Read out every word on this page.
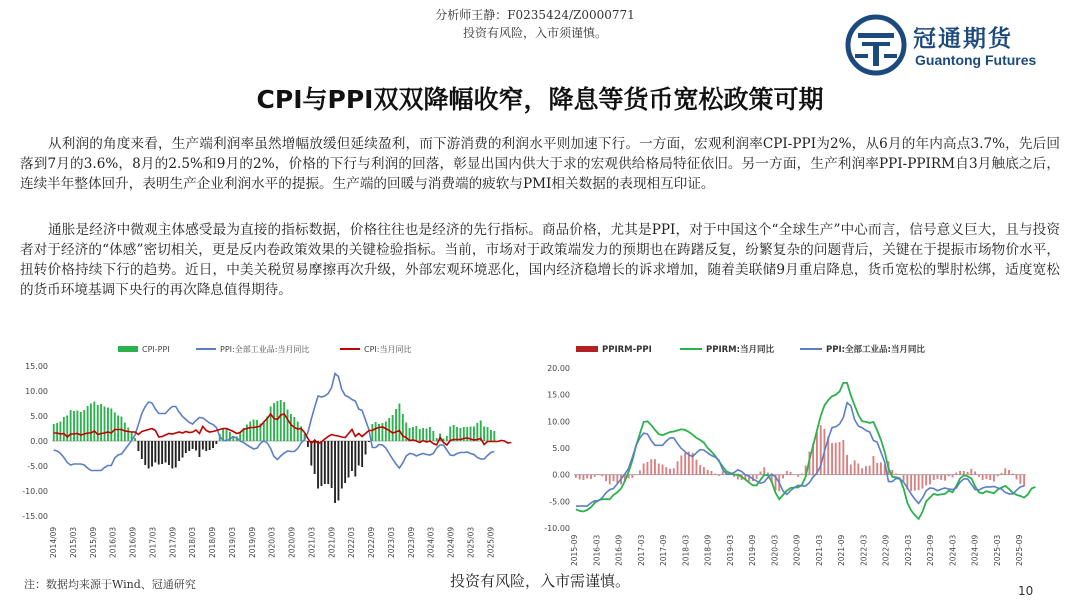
分析师王静：F0235424/Z0000771
投资有风险，入市须谨慎。	冠通期货
Guantong Futures
CPI与PPI双双降幅收窄，降息等货币宽松政策可期
从利润的角度来看，生产端利润率虽然增幅放缓但延续盈利，而下游消费的利润水平则加速下行。一方面，宏观利润率CPI-PPI为2%，从6月的年内高点3.7%，先后回落到7月的3.6%，8月的2.5%和9月的2%，价格的下行与利润的回落，彰显出国内供大于求的宏观供给格局特征依旧。另一方面，生产利润率PPI-PPIRM自3月触底之后，连续半年整体回升，表明生产企业利润水平的提振。生产端的回暖与消费端的疲软与PMI相关数据的表现相互印证。
通胀是经济中微观主体感受最为直接的指标数据，价格往往也是经济的先行指标。商品价格，尤其是PPI，对于中国这个“全球生产”中心而言，信号意义巨大，且与投资者对于经济的“体感”密切相关，更是反内卷政策效果的关键检验指标。当前，市场对于政策端发力的预期也在踌躇反复，纷繁复杂的问题背后，关键在于提振市场物价水平，扭转价格持续下行的趋势。近日，中美关税贸易摩擦再次升级，外部宏观环境恶化，国内经济稳增长的诉求增加，随着美联储9月重启降息，货币宽松的掣肘松绑，适度宽松的货币环境基调下央行的再次降息值得期待。
CPI-PPI	PPI:全部工业品:当月同比	CPI:当月同比
15.00
10.00
5.00
0.00
-5.00
-10.00
-15.00
2014/09 2015/03 2015/09 2016/03 2016/09 2017/03 2017/09 2018/03 2018/09 2019/03 2019/09 2020/03 2020/09 2021/03 2021/09 2022/03 2022/09 2023/03 2023/09 2024/03 2024/09 2025/03 2025/09
PPIRM-PPI	PPIRM:当月同比	PPI:全部工业品:当月同比
20.00
15.00
10.00
5.00
0.00
-5.00
-10.00
2015-09 2016-03 2016-09 2017-03 2017-09 2018-03 2018-09 2019-03 2019-09 2020-03 2020-09 2021-03 2021-09 2022-03 2022-09 2023-03 2023-09 2024-03 2024-09 2025-03 2025-09
注：数据均来源于Wind、冠通研究	投资有风险，入市需谨慎。
10
